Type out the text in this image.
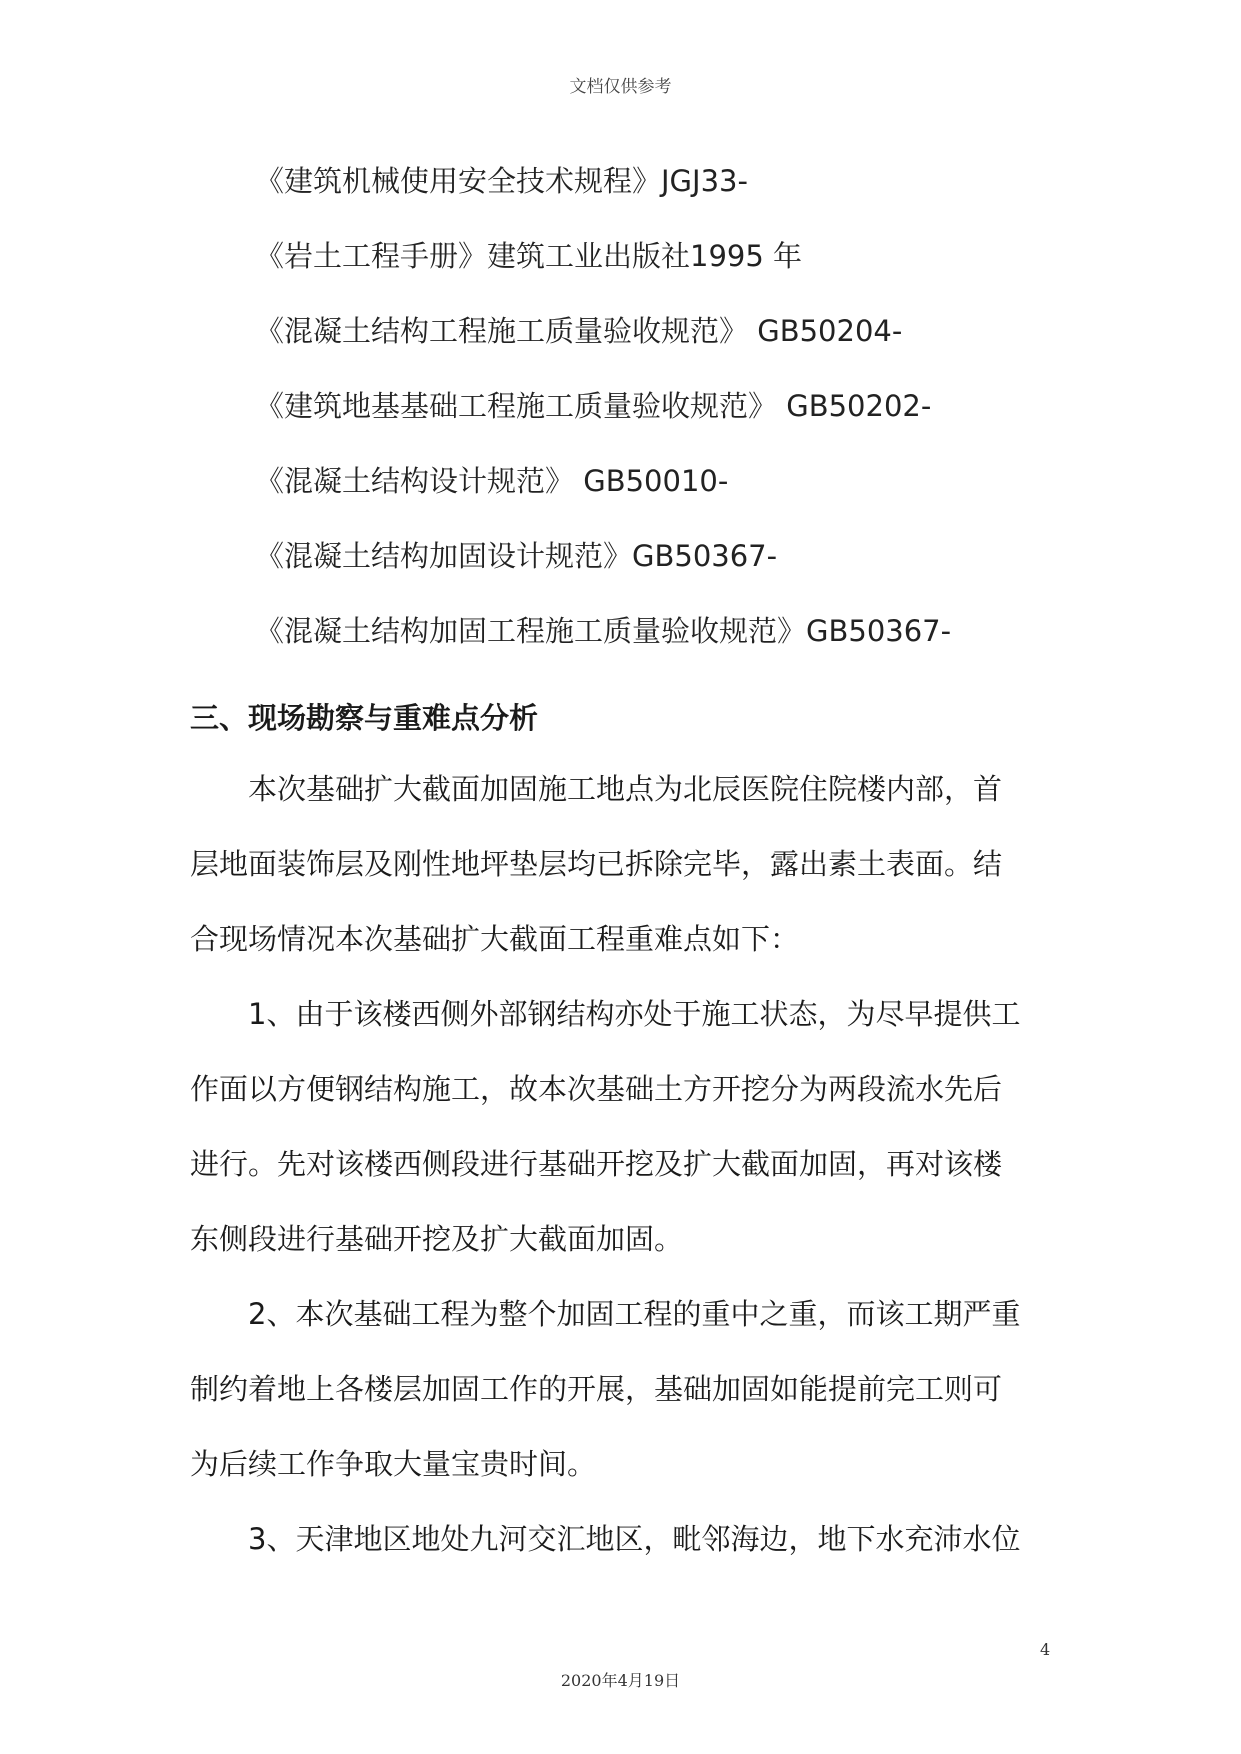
文档仅供参考
《建筑机械使用安全技术规程》JGJ33-
《岩土工程手册》建筑工业出版社1995 年
《混凝土结构工程施工质量验收规范》 GB50204-
《建筑地基基础工程施工质量验收规范》 GB50202-
《混凝土结构设计规范》 GB50010-
《混凝土结构加固设计规范》GB50367-
《混凝土结构加固工程施工质量验收规范》GB50367-
三、现场勘察与重难点分析

本次基础扩大截面加固施工地点为北辰医院住院楼内部，首
层地面装饰层及刚性地坪垫层均已拆除完毕，露出素土表面。结
合现场情况本次基础扩大截面工程重难点如下：

1、由于该楼西侧外部钢结构亦处于施工状态，为尽早提供工
作面以方便钢结构施工，故本次基础土方开挖分为两段流水先后
进行。先对该楼西侧段进行基础开挖及扩大截面加固，再对该楼
东侧段进行基础开挖及扩大截面加固。

2、本次基础工程为整个加固工程的重中之重，而该工期严重
制约着地上各楼层加固工作的开展，基础加固如能提前完工则可
为后续工作争取大量宝贵时间。

3、天津地区地处九河交汇地区，毗邻海边，地下水充沛水位

4
2020年4月19日
